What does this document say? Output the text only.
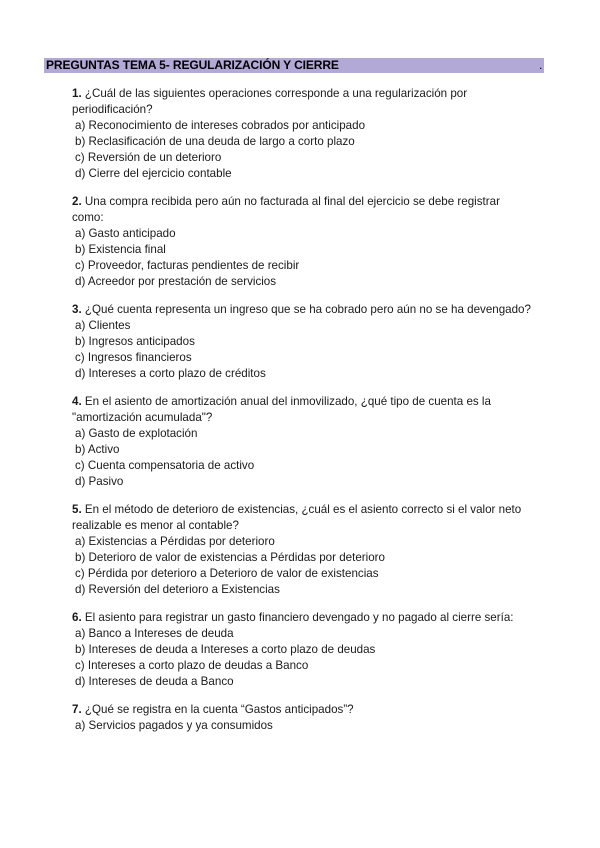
PREGUNTAS TEMA 5- REGULARIZACIÓN Y CIERRE	.

1. ¿Cuál de las siguientes operaciones corresponde a una regularización por periodificación?

a) Reconocimiento de intereses cobrados por anticipado
b) Reclasificación de una deuda de largo a corto plazo
c) Reversión de un deterioro
d) Cierre del ejercicio contable

2. Una compra recibida pero aún no facturada al final del ejercicio se debe registrar como:

a) Gasto anticipado
b) Existencia final
c) Proveedor, facturas pendientes de recibir
d) Acreedor por prestación de servicios

3. ¿Qué cuenta representa un ingreso que se ha cobrado pero aún no se ha devengado?

a) Clientes
b) Ingresos anticipados
c) Ingresos financieros
d) Intereses a corto plazo de créditos

4. En el asiento de amortización anual del inmovilizado, ¿qué tipo de cuenta es la "amortización acumulada"?

a) Gasto de explotación
b) Activo
c) Cuenta compensatoria de activo
d) Pasivo

5. En el método de deterioro de existencias, ¿cuál es el asiento correcto si el valor neto realizable es menor al contable?

a) Existencias a Pérdidas por deterioro
b) Deterioro de valor de existencias a Pérdidas por deterioro
c) Pérdida por deterioro a Deterioro de valor de existencias
d) Reversión del deterioro a Existencias

6. El asiento para registrar un gasto financiero devengado y no pagado al cierre sería:

a) Banco a Intereses de deuda
b) Intereses de deuda a Intereses a corto plazo de deudas
c) Intereses a corto plazo de deudas a Banco
d) Intereses de deuda a Banco

7. ¿Qué se registra en la cuenta “Gastos anticipados”?

a) Servicios pagados y ya consumidos
